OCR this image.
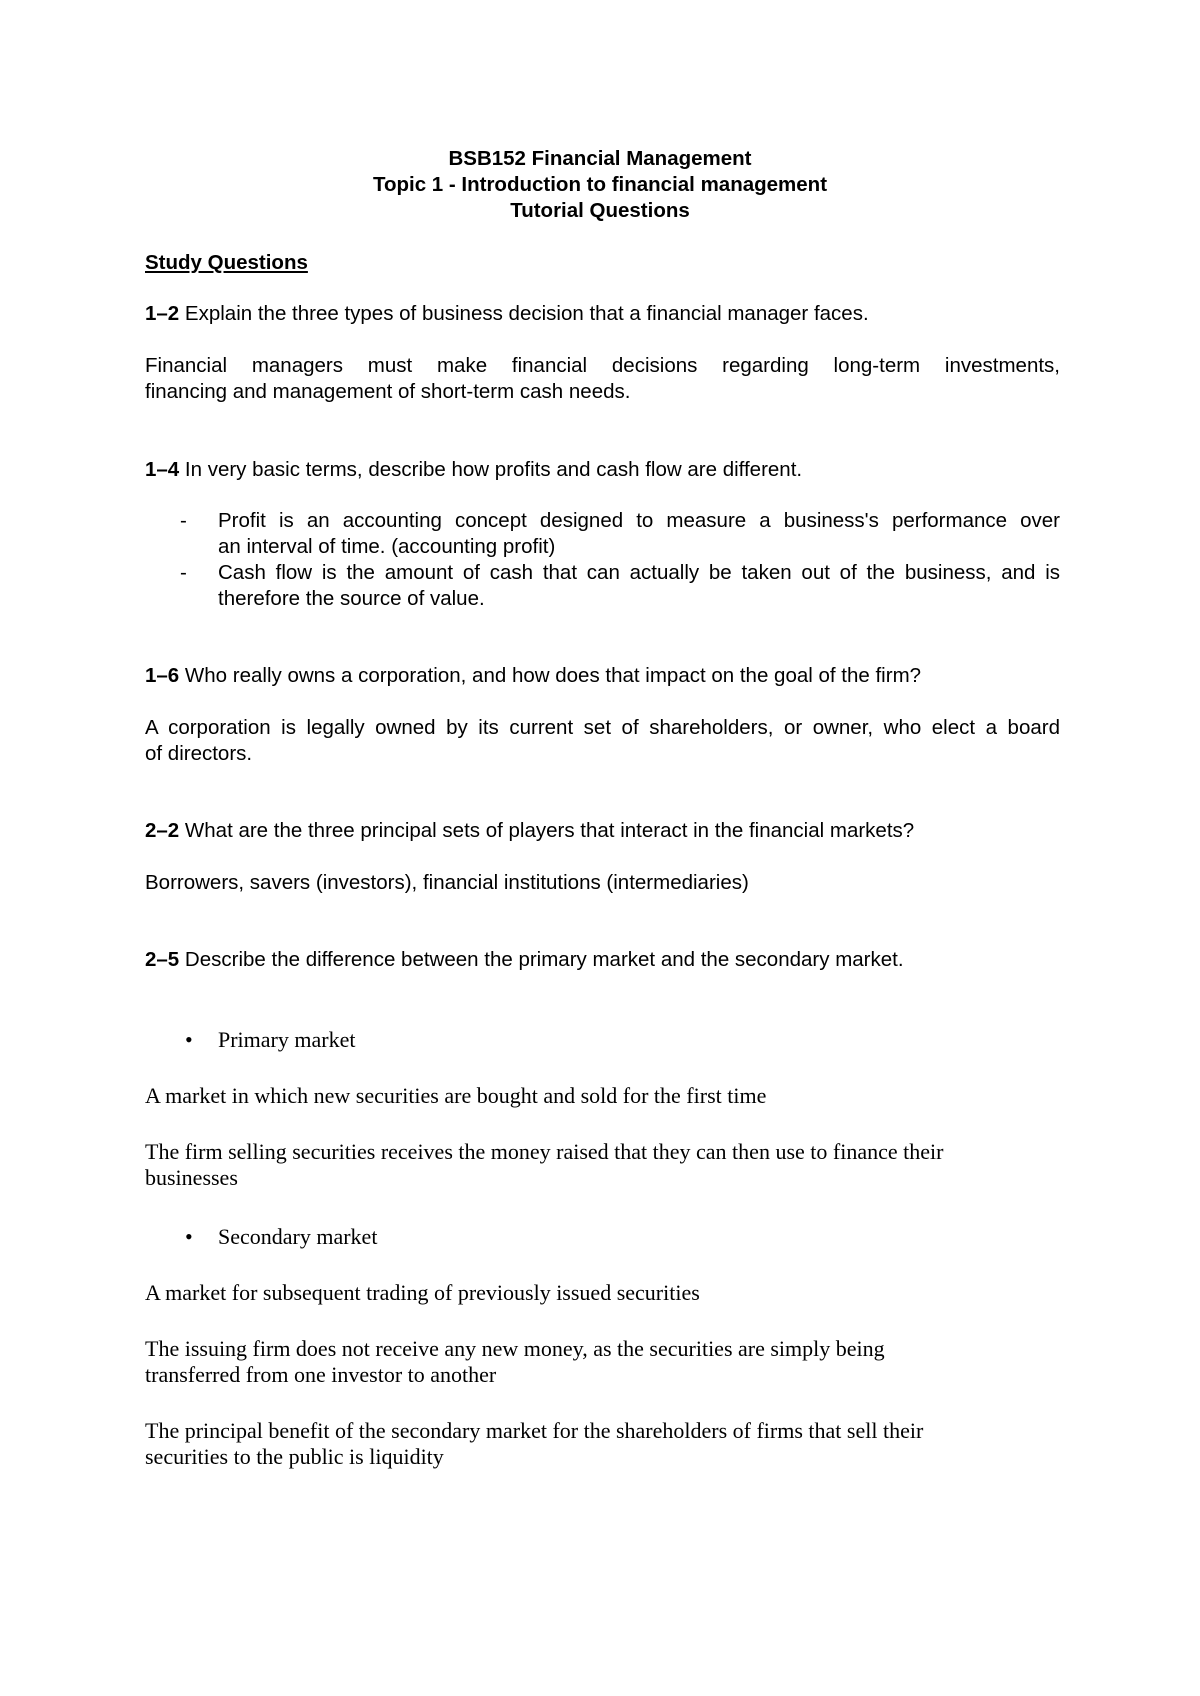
BSB152 Financial Management
Topic 1 - Introduction to financial management
Tutorial Questions
Study Questions
1–2 Explain the three types of business decision that a financial manager faces.
Financial managers must make financial decisions regarding long-term investments,
financing and management of short-term cash needs.
1–4 In very basic terms, describe how profits and cash flow are different.
- Profit is an accounting concept designed to measure a business's performance over
an interval of time. (accounting profit)
- Cash flow is the amount of cash that can actually be taken out of the business, and is
therefore the source of value.
1–6 Who really owns a corporation, and how does that impact on the goal of the firm?
A corporation is legally owned by its current set of shareholders, or owner, who elect a board
of directors.
2–2 What are the three principal sets of players that interact in the financial markets?
Borrowers, savers (investors), financial institutions (intermediaries)
2–5 Describe the difference between the primary market and the secondary market.
• Primary market
A market in which new securities are bought and sold for the first time
The firm selling securities receives the money raised that they can then use to finance their
businesses
• Secondary market
A market for subsequent trading of previously issued securities
The issuing firm does not receive any new money, as the securities are simply being
transferred from one investor to another
The principal benefit of the secondary market for the shareholders of firms that sell their
securities to the public is liquidity
